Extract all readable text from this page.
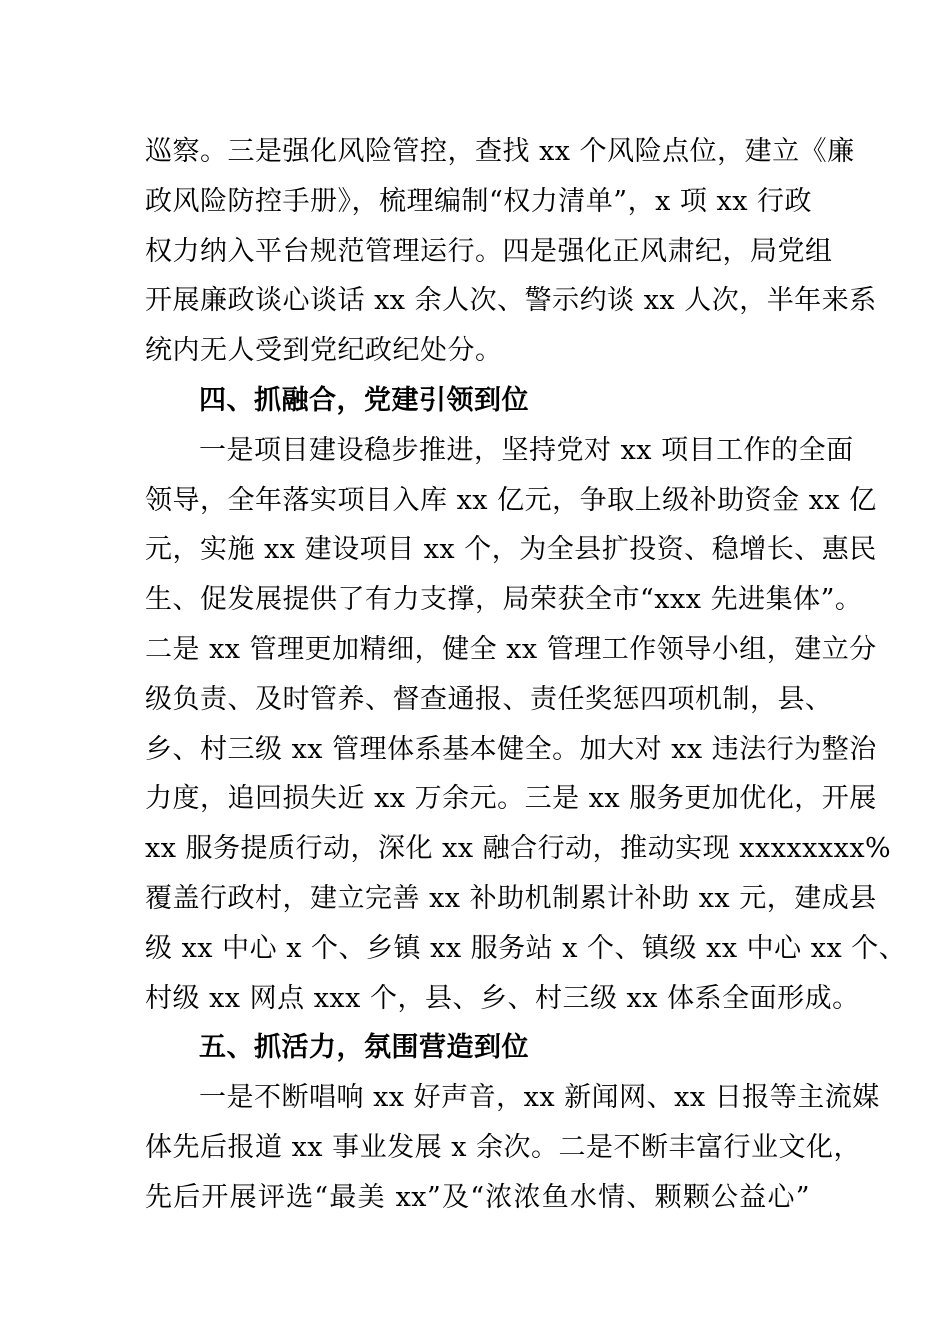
巡察。三是强化风险管控，查找 xx 个风险点位，建立《廉
政风险防控手册》，梳理编制“权力清单”，x 项 xx 行政
权力纳入平台规范管理运行。四是强化正风肃纪，局党组
开展廉政谈心谈话 xx 余人次、警示约谈 xx 人次，半年来系
统内无人受到党纪政纪处分。
四、抓融合，党建引领到位
一是项目建设稳步推进，坚持党对 xx 项目工作的全面
领导，全年落实项目入库 xx 亿元，争取上级补助资金 xx 亿
元，实施 xx 建设项目 xx 个，为全县扩投资、稳增长、惠民
生、促发展提供了有力支撑，局荣获全市“xxx 先进集体”。
二是 xx 管理更加精细，健全 xx 管理工作领导小组，建立分
级负责、及时管养、督查通报、责任奖惩四项机制，县、
乡、村三级 xx 管理体系基本健全。加大对 xx 违法行为整治
力度，追回损失近 xx 万余元。三是 xx 服务更加优化，开展
xx 服务提质行动，深化 xx 融合行动，推动实现 xxxxxxxx%
覆盖行政村，建立完善 xx 补助机制累计补助 xx 元，建成县
级 xx 中心 x 个、乡镇 xx 服务站 x 个、镇级 xx 中心 xx 个、
村级 xx 网点 xxx 个，县、乡、村三级 xx 体系全面形成。
五、抓活力，氛围营造到位
一是不断唱响 xx 好声音，xx 新闻网、xx 日报等主流媒
体先后报道 xx 事业发展 x 余次。二是不断丰富行业文化，
先后开展评选“最美 xx”及“浓浓鱼水情、颗颗公益心”
